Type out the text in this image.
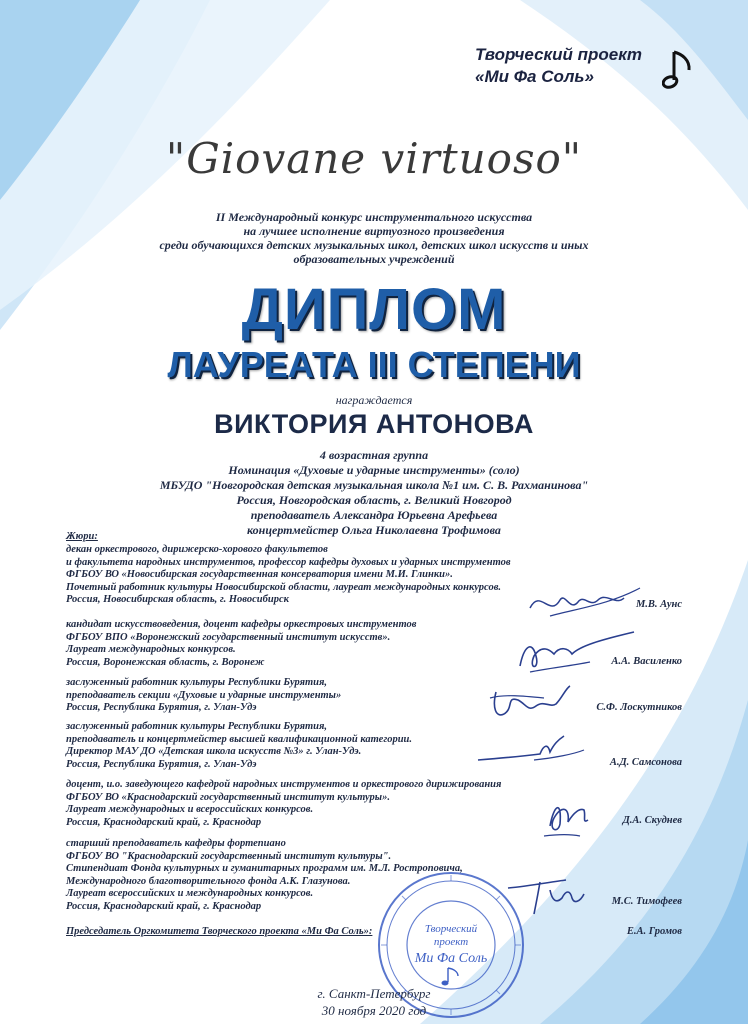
Творческий проект
«Ми Фа Соль»
"Giovane virtuoso"
II Международный конкурс инструментального искусства
на лучшее исполнение виртуозного произведения
среди обучающихся детских музыкальных школ, детских школ искусств и иных
образовательных учреждений
ДИПЛОМ
ЛАУРЕАТА III СТЕПЕНИ
награждается
ВИКТОРИЯ АНТОНОВА
4 возрастная группа
Номинация «Духовые и ударные инструменты» (соло)
МБУДО "Новгородская детская музыкальная школа №1 им. С. В. Рахманинова"
Россия, Новгородская область, г. Великий Новгород
преподаватель Александра Юрьевна Арефьева
концертмейстер Ольга Николаевна Трофимова
Жюри:
декан оркестрового, дирижерско-хорового факультетов
и факультета народных инструментов, профессор кафедры духовых и ударных инструментов
ФГБОУ ВО «Новосибирская государственная консерватория имени М.И. Глинки».
Почетный работник культуры Новосибирской области, лауреат международных конкурсов.
Россия, Новосибирская область, г. Новосибирск	М.В. Аунс
кандидат искусствоведения, доцент кафедры оркестровых инструментов
ФГБОУ ВПО «Воронежский государственный институт искусств».
Лауреат международных конкурсов.
Россия, Воронежская область, г. Воронеж	А.А. Василенко
заслуженный работник культуры Республики Бурятия,
преподаватель секции «Духовые и ударные инструменты»
Россия, Республика Бурятия, г. Улан-Удэ	С.Ф. Лоскутников
заслуженный работник культуры Республики Бурятия,
преподаватель и концертмейстер высшей квалификационной категории.
Директор МАУ ДО «Детская школа искусств №3» г. Улан-Удэ.
Россия, Республика Бурятия, г. Улан-Удэ	А.Д. Самсонова
доцент, и.о. заведующего кафедрой народных инструментов и оркестрового дирижирования
ФГБОУ ВО «Краснодарский государственный институт культуры».
Лауреат международных и всероссийских конкурсов.
Россия, Краснодарский край, г. Краснодар	Д.А. Скуднев
старший преподаватель кафедры фортепиано
ФГБОУ ВО "Краснодарский государственный институт культуры".
Стипендиат Фонда культурных и гуманитарных программ им. М.Л. Ростроповича,
Международного благотворительного фонда А.К. Глазунова.
Лауреат всероссийских и международных конкурсов.
Россия, Краснодарский край, г. Краснодар	М.С. Тимофеев
Творческий
проект
Ми Фа Соль
Председатель Оргкомитета Творческого проекта «Ми Фа Соль»:	Е.А. Громов
г. Санкт-Петербург
30 ноября 2020 год
